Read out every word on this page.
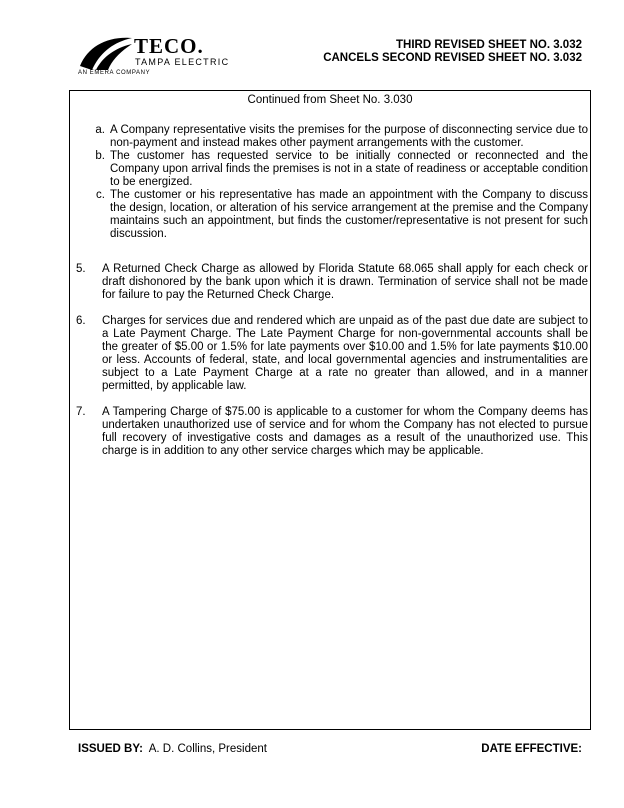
TECO.
TAMPA ELECTRIC
AN EMERA COMPANY
THIRD REVISED SHEET NO. 3.032
CANCELS SECOND REVISED SHEET NO. 3.032
Continued from Sheet No. 3.030
a. A Company representative visits the premises for the purpose of disconnecting service due to non-payment and instead makes other payment arrangements with the customer.
b. The customer has requested service to be initially connected or reconnected and the Company upon arrival finds the premises is not in a state of readiness or acceptable condition to be energized.
c. The customer or his representative has made an appointment with the Company to discuss the design, location, or alteration of his service arrangement at the premise and the Company maintains such an appointment, but finds the customer/representative is not present for such discussion.
5.	A Returned Check Charge as allowed by Florida Statute 68.065 shall apply for each check or draft dishonored by the bank upon which it is drawn. Termination of service shall not be made for failure to pay the Returned Check Charge.
6.	Charges for services due and rendered which are unpaid as of the past due date are subject to a Late Payment Charge. The Late Payment Charge for non-governmental accounts shall be the greater of $5.00 or 1.5% for late payments over $10.00 and 1.5% for late payments $10.00 or less. Accounts of federal, state, and local governmental agencies and instrumentalities are subject to a Late Payment Charge at a rate no greater than allowed, and in a manner permitted, by applicable law.
7.	A Tampering Charge of $75.00 is applicable to a customer for whom the Company deems has undertaken unauthorized use of service and for whom the Company has not elected to pursue full recovery of investigative costs and damages as a result of the unauthorized use. This charge is in addition to any other service charges which may be applicable.
ISSUED BY: A. D. Collins, President	DATE EFFECTIVE:
